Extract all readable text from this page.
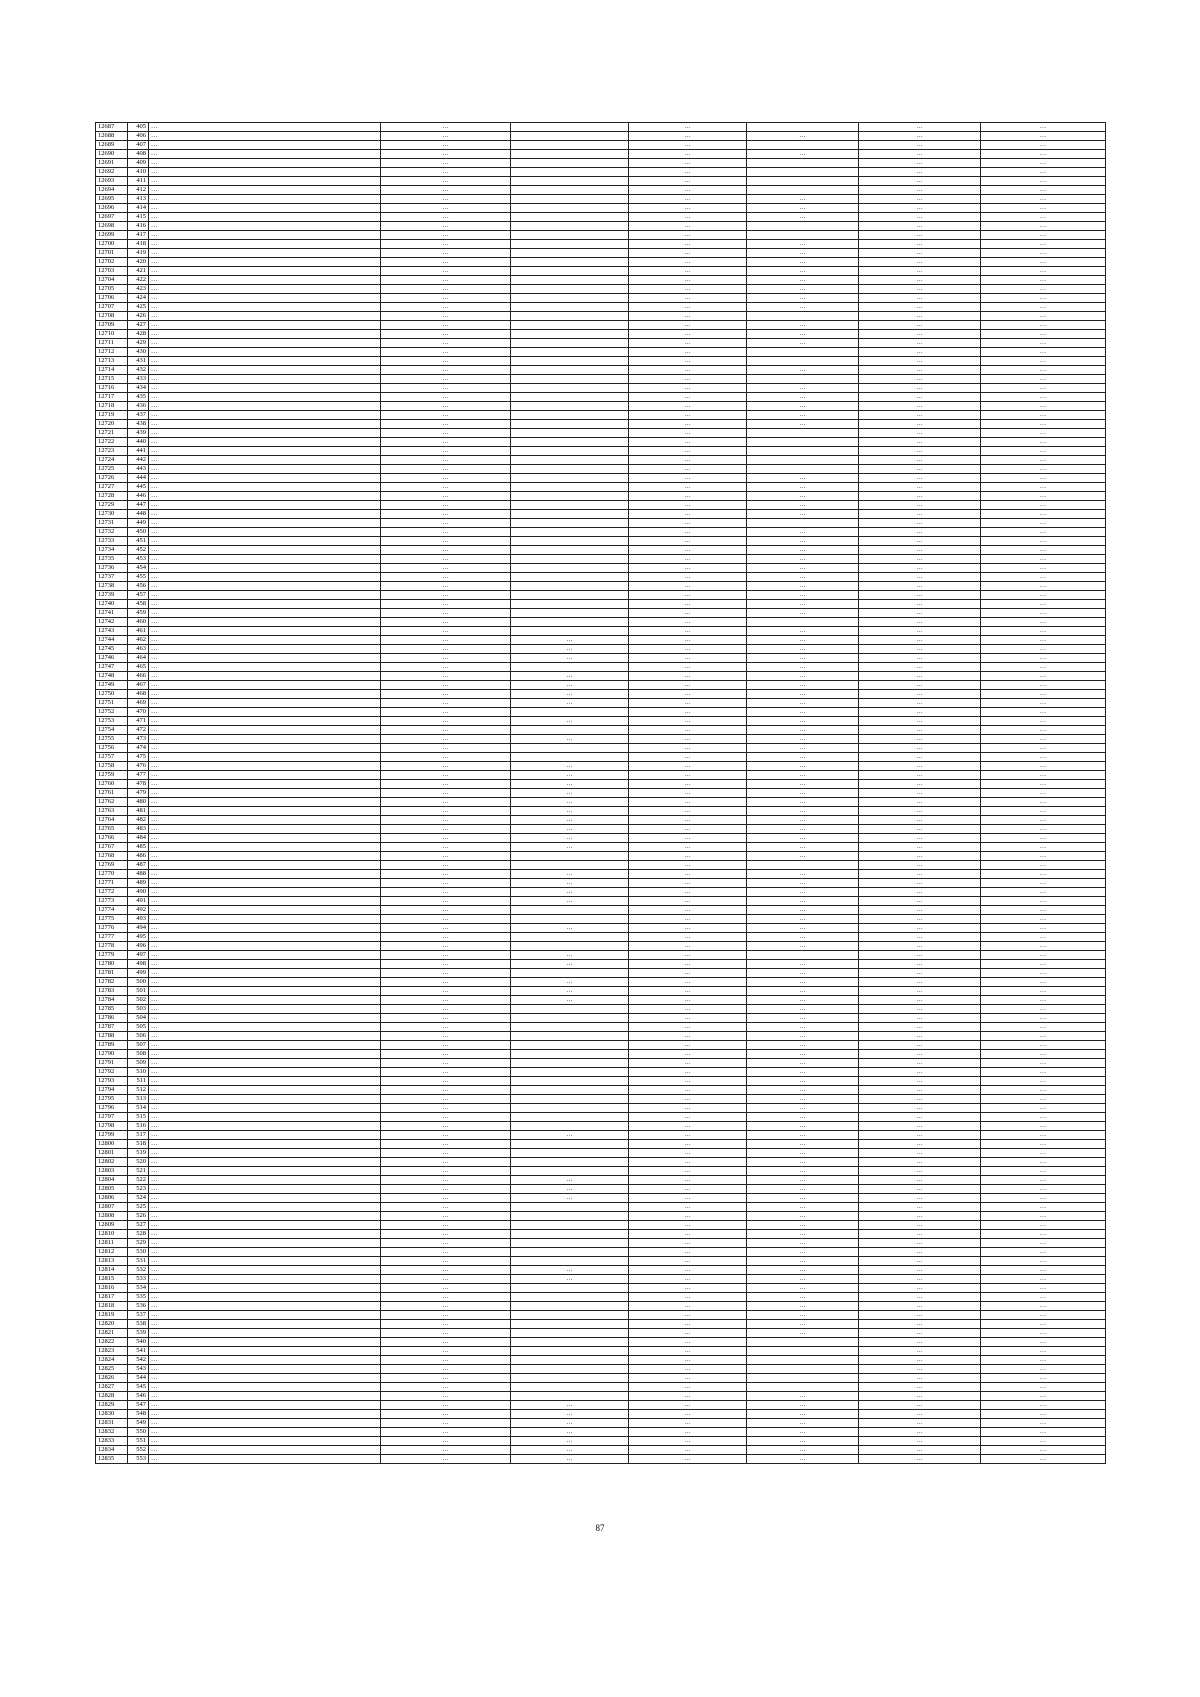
12687	405	…	…		…		…	…
12688	406	…	…		…	…	…	…
12689	407	…	…		…		…	…
12690	408	…	…		…	…	…	…
12691	409	…	…		…		…	…
12692	410	…	…		…		…	…
12693	411	…	…		…		…	…
12694	412	…	…		…		…	…
12695	413	…	…		…	…	…	…
12696	414	…	…		…	…	…	…
12697	415	…	…		…	…	…	…
12698	416	…	…		…		…	…
12699	417	…	…		…		…	…
12700	418	…	…		…	…	…	…
12701	419	…	…		…	…	…	…
12702	420	…	…		…	…	…	…
12703	421	…	…		…	…	…	…
12704	422	…	…		…	…	…	…
12705	423	…	…		…	…	…	…
12706	424	…	…		…	…	…	…
12707	425	…	…		…	…	…	…
12708	426	…	…		…		…	…
12709	427	…	…		…	…	…	…
12710	428	…	…		…	…	…	…
12711	429	…	…		…	…	…	…
12712	430	…	…		…		…	…
12713	431	…	…		…		…	…
12714	432	…	…		…	…	…	…
12715	433	…	…		…		…	…
12716	434	…	…		…	…	…	…
12717	435	…	…		…	…	…	…
12718	436	…	…		…	…	…	…
12719	437	…	…		…	…	…	…
12720	438	…	…		…	…	…	…
12721	439	…	…		…		…	…
12722	440	…	…		…		…	…
12723	441	…	…		…		…	…
12724	442	…	…		…		…	…
12725	443	…	…		…		…	…
12726	444	…	…		…	…	…	…
12727	445	…	…		…	…	…	…
12728	446	…	…		…	…	…	…
12729	447	…	…		…	…	…	…
12730	448	…	…		…	…	…	…
12731	449	…	…		…		…	…
12732	450	…	…		…	…	…	…
12733	451	…	…		…	…	…	…
12734	452	…	…		…	…	…	…
12735	453	…	…		…	…	…	…
12736	454	…	…		…	…	…	…
12737	455	…	…		…	…	…	…
12738	456	…	…		…	…	…	…
12739	457	…	…		…	…	…	…
12740	458	…	…		…	…	…	…
12741	459	…	…		…	…	…	…
12742	460	…	…		…		…	…
12743	461	…	…		…	…	…	…
12744	462	…	…	…	…	…	…	…
12745	463	…	…	…	…	…	…	…
12746	464	…	…	…	…	…	…	…
12747	465	…	…		…	…	…	…
12748	466	…	…	…	…	…	…	…
12749	467	…	…	…	…	…	…	…
12750	468	…	…	…	…	…	…	…
12751	469	…	…	…	…	…	…	…
12752	470	…	…		…	…	…	…
12753	471	…	…	…	…	…	…	…
12754	472	…	…		…	…	…	…
12755	473	…	…	…	…	…	…	…
12756	474	…	…		…	…	…	…
12757	475	…	…		…	…	…	…
12758	476	…	…	…	…	…	…	…
12759	477	…	…	…	…	…	…	…
12760	478	…	…	…	…	…	…	…
12761	479	…	…	…	…	…	…	…
12762	480	…	…	…	…	…	…	…
12763	481	…	…	…	…	…	…	…
12764	482	…	…	…	…	…	…	…
12765	483	…	…	…	…	…	…	…
12766	484	…	…	…	…	…	…	…
12767	485	…	…	…	…	…	…	…
12768	486	…	…		…	…	…	…
12769	487	…	…		…		…	…
12770	488	…	…	…	…	…	…	…
12771	489	…	…	…	…	…	…	…
12772	490	…	…	…	…	…	…	…
12773	491	…	…	…	…	…	…	…
12774	492	…	…		…	…	…	…
12775	493	…	…		…	…	…	…
12776	494	…	…	…	…	…	…	…
12777	495	…	…		…	…	…	…
12778	496	…	…		…	…	…	…
12779	497	…	…	…	…		…	…
12780	498	…	…	…	…	…	…	…
12781	499	…	…		…	…	…	…
12782	500	…	…	…	…	…	…	…
12783	501	…	…	…	…	…	…	…
12784	502	…	…	…	…	…	…	…
12785	503	…	…		…	…	…	…
12786	504	…	…		…	…	…	…
12787	505	…	…		…	…	…	…
12788	506	…	…		…	…	…	…
12789	507	…	…		…	…	…	…
12790	508	…	…		…	…	…	…
12791	509	…	…		…	…	…	…
12792	510	…	…		…	…	…	…
12793	511	…	…		…	…	…	…
12794	512	…	…		…	…	…	…
12795	513	…	…		…	…	…	…
12796	514	…	…		…	…	…	…
12797	515	…	…		…	…	…	…
12798	516	…	…		…	…	…	…
12799	517	…	…	…	…	…	…	…
12800	518	…	…		…	…	…	…
12801	519	…	…		…	…	…	…
12802	520	…	…		…	…	…	…
12803	521	…	…		…	…	…	…
12804	522	…	…	…	…	…	…	…
12805	523	…	…	…	…	…	…	…
12806	524	…	…	…	…	…	…	…
12807	525	…	…		…	…	…	…
12808	526	…	…		…	…	…	…
12809	527	…	…		…	…	…	…
12810	528	…	…		…	…	…	…
12811	529	…	…		…	…	…	…
12812	530	…	…		…	…	…	…
12813	531	…	…		…	…	…	…
12814	532	…	…	…	…	…	…	…
12815	533	…	…	…	…	…	…	…
12816	534	…	…		…	…	…	…
12817	535	…	…		…	…	…	…
12818	536	…	…		…	…	…	…
12819	537	…	…		…	…	…	…
12820	538	…	…		…	…	…	…
12821	539	…	…		…	…	…	…
12822	540	…	…		…		…	…
12823	541	…	…		…		…	…
12824	542	…	…		…		…	…
12825	543	…	…		…		…	…
12826	544	…	…		…		…	…
12827	545	…	…		…		…	…
12828	546	…	…		…	…	…	…
12829	547	…	…	…	…	…	…	…
12830	548	…	…	…	…	…	…	…
12831	549	…	…	…	…	…	…	…
12832	550	…	…	…	…	…	…	…
12833	551	…	…	…	…	…	…	…
12834	552	…	…	…	…	…	…	…
12835	553	…	…	…	…	…	…	…
87
